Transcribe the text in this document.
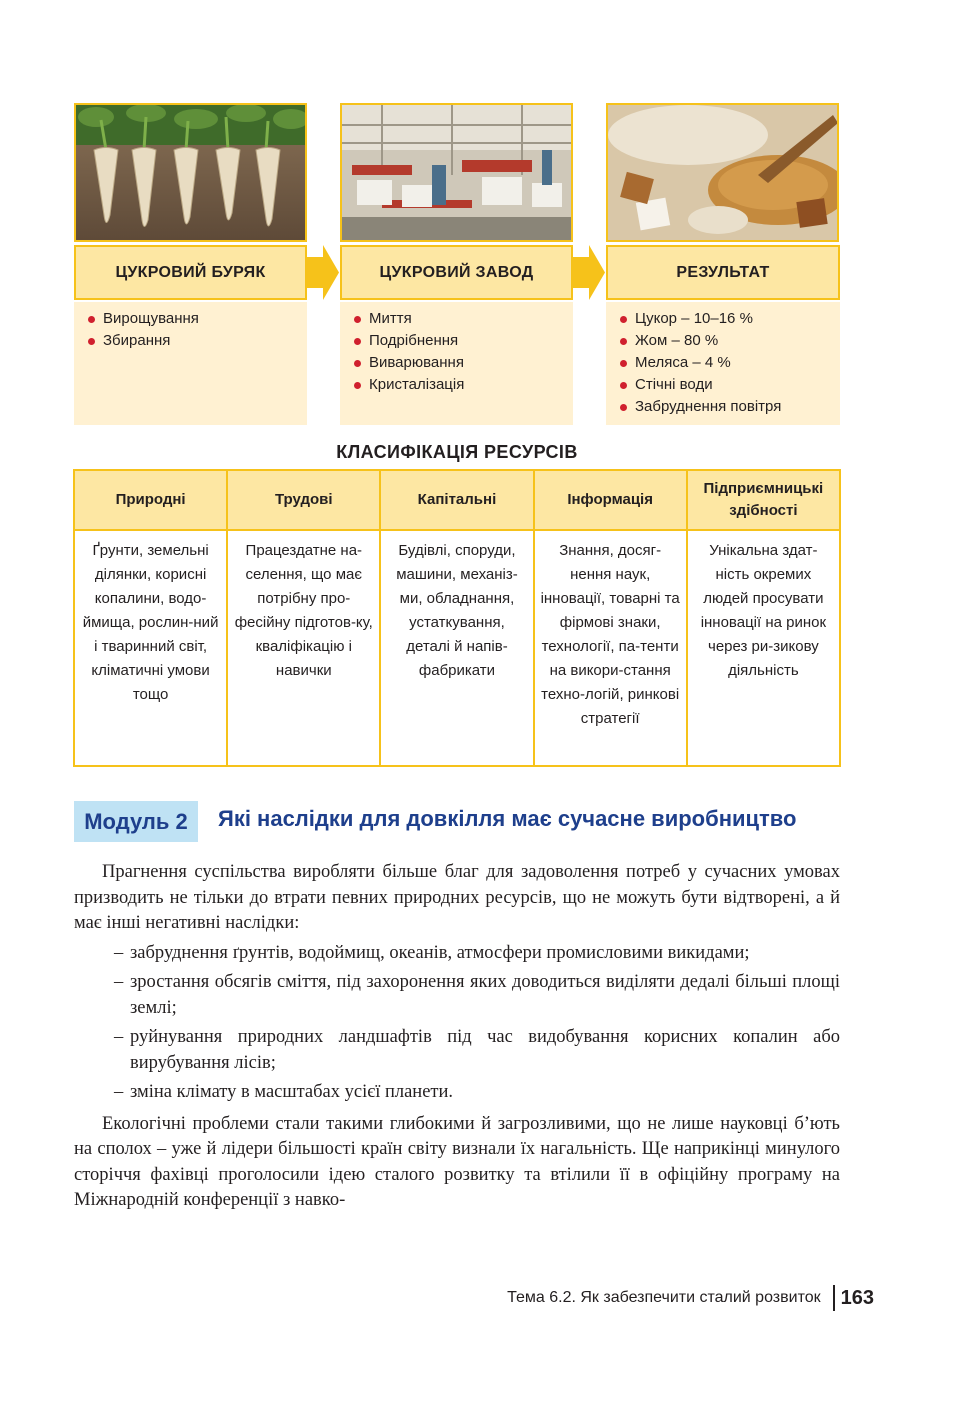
ЦУКРОВИЙ БУРЯК
Вирощування
Збирання
ЦУКРОВИЙ ЗАВОД
Миття
Подрібнення
Виварювання
Кристалізація
РЕЗУЛЬТАТ
Цукор – 10–16 %
Жом – 80 %
Меляса – 4 %
Стічні води
Забруднення повітря
КЛАСИФІКАЦІЯ РЕСУРСІВ
Природні	Трудові	Капітальні	Інформація	Підприємницькі здібності
Ґрунти, земельні ділянки, корисні копалини, водо-ймища, рослин-ний і тваринний світ, кліматичні умови тощо	Працездатне на-селення, що має потрібну про-фесійну підготов-ку, кваліфікацію і навички	Будівлі, споруди, машини, механіз-ми, обладнання, устаткування, деталі й напів-фабрикати	Знання, досяг-нення наук, інновації, товарні та фірмові знаки, технології, па-тенти на викори-стання техно-логій, ринкові стратегії	Унікальна здат-ність окремих людей просувати інновації на ринок через ри-зикову діяльність
Модуль 2	Які наслідки для довкілля має сучасне виробництво

Прагнення суспільства виробляти більше благ для задоволення потреб у сучасних умовах призводить не тільки до втрати певних природних ресурсів, що не можуть бути відтворені, а й має інші негативні наслідки:

– забруднення ґрунтів, водоймищ, океанів, атмосфери промисловими викидами;
– зростання обсягів сміття, під захоронення яких доводиться виділяти дедалі більші площі землі;
– руйнування природних ландшафтів під час видобування корисних копалин або вирубування лісів;
– зміна клімату в масштабах усієї планети.

Екологічні проблеми стали такими глибокими й загрозливими, що не лише науковці б’ють на сполох – уже й лідери більшості країн світу визнали їх нагальність. Ще наприкінці минулого сторіччя фахівці проголосили ідею сталого розвитку та втілили її в офіційну програму на Міжнародній конференції з навко-

Тема 6.2. Як забезпечити сталий розвиток 163
